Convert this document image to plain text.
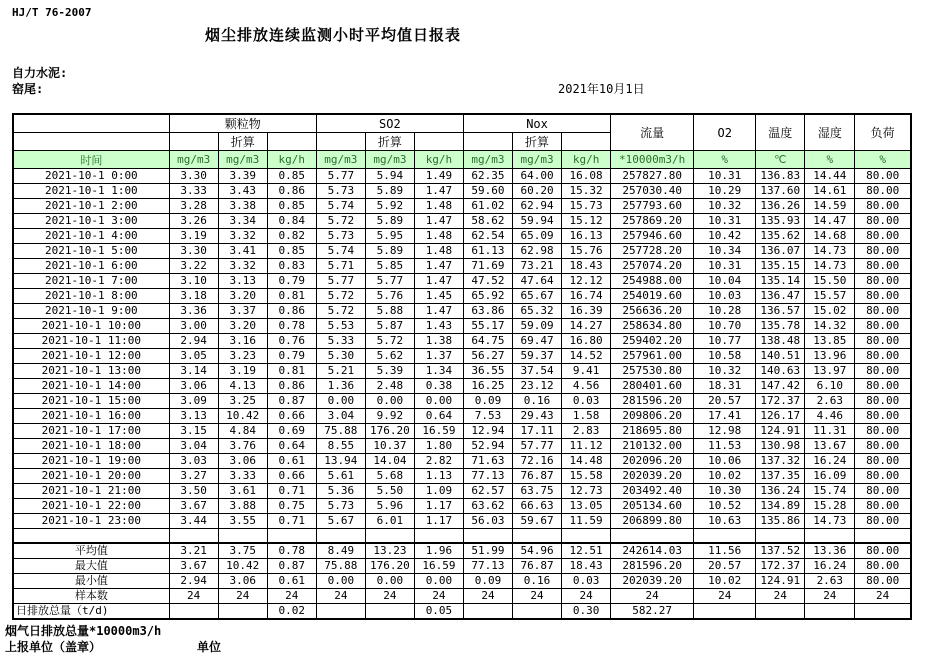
HJ/T 76-2007
烟尘排放连续监测小时平均值日报表
自力水泥:
窑尾:	2021年10月1日
	颗粒物			SO2			Nox			流量	O2	温度	湿度	负荷
		折算			折算			折算						
时间	mg/m3	mg/m3	kg/h	mg/m3	mg/m3	kg/h	mg/m3	mg/m3	kg/h	*10000m3/h	%	℃	%	%
2021-10-1 0:00	3.30	3.39	0.85	5.77	5.94	1.49	62.35	64.00	16.08	257827.80	10.31	136.83	14.44	80.00
2021-10-1 1:00	3.33	3.43	0.86	5.73	5.89	1.47	59.60	60.20	15.32	257030.40	10.29	137.60	14.61	80.00
2021-10-1 2:00	3.28	3.38	0.85	5.74	5.92	1.48	61.02	62.94	15.73	257793.60	10.32	136.26	14.59	80.00
2021-10-1 3:00	3.26	3.34	0.84	5.72	5.89	1.47	58.62	59.94	15.12	257869.20	10.31	135.93	14.47	80.00
2021-10-1 4:00	3.19	3.32	0.82	5.73	5.95	1.48	62.54	65.09	16.13	257946.60	10.42	135.62	14.68	80.00
2021-10-1 5:00	3.30	3.41	0.85	5.74	5.89	1.48	61.13	62.98	15.76	257728.20	10.34	136.07	14.73	80.00
2021-10-1 6:00	3.22	3.32	0.83	5.71	5.85	1.47	71.69	73.21	18.43	257074.20	10.31	135.15	14.73	80.00
2021-10-1 7:00	3.10	3.13	0.79	5.77	5.77	1.47	47.52	47.64	12.12	254988.00	10.04	135.14	15.50	80.00
2021-10-1 8:00	3.18	3.20	0.81	5.72	5.76	1.45	65.92	65.67	16.74	254019.60	10.03	136.47	15.57	80.00
2021-10-1 9:00	3.36	3.37	0.86	5.72	5.88	1.47	63.86	65.32	16.39	256636.20	10.28	136.57	15.02	80.00
2021-10-1 10:00	3.00	3.20	0.78	5.53	5.87	1.43	55.17	59.09	14.27	258634.80	10.70	135.78	14.32	80.00
2021-10-1 11:00	2.94	3.16	0.76	5.33	5.72	1.38	64.75	69.47	16.80	259402.20	10.77	138.48	13.85	80.00
2021-10-1 12:00	3.05	3.23	0.79	5.30	5.62	1.37	56.27	59.37	14.52	257961.00	10.58	140.51	13.96	80.00
2021-10-1 13:00	3.14	3.19	0.81	5.21	5.39	1.34	36.55	37.54	9.41	257530.80	10.32	140.63	13.97	80.00
2021-10-1 14:00	3.06	4.13	0.86	1.36	2.48	0.38	16.25	23.12	4.56	280401.60	18.31	147.42	6.10	80.00
2021-10-1 15:00	3.09	3.25	0.87	0.00	0.00	0.00	0.09	0.16	0.03	281596.20	20.57	172.37	2.63	80.00
2021-10-1 16:00	3.13	10.42	0.66	3.04	9.92	0.64	7.53	29.43	1.58	209806.20	17.41	126.17	4.46	80.00
2021-10-1 17:00	3.15	4.84	0.69	75.88	176.20	16.59	12.94	17.11	2.83	218695.80	12.98	124.91	11.31	80.00
2021-10-1 18:00	3.04	3.76	0.64	8.55	10.37	1.80	52.94	57.77	11.12	210132.00	11.53	130.98	13.67	80.00
2021-10-1 19:00	3.03	3.06	0.61	13.94	14.04	2.82	71.63	72.16	14.48	202096.20	10.06	137.32	16.24	80.00
2021-10-1 20:00	3.27	3.33	0.66	5.61	5.68	1.13	77.13	76.87	15.58	202039.20	10.02	137.35	16.09	80.00
2021-10-1 21:00	3.50	3.61	0.71	5.36	5.50	1.09	62.57	63.75	12.73	203492.40	10.30	136.24	15.74	80.00
2021-10-1 22:00	3.67	3.88	0.75	5.73	5.96	1.17	63.62	66.63	13.05	205134.60	10.52	134.89	15.28	80.00
2021-10-1 23:00	3.44	3.55	0.71	5.67	6.01	1.17	56.03	59.67	11.59	206899.80	10.63	135.86	14.73	80.00

平均值	3.21	3.75	0.78	8.49	13.23	1.96	51.99	54.96	12.51	242614.03	11.56	137.52	13.36	80.00
最大值	3.67	10.42	0.87	75.88	176.20	16.59	77.13	76.87	18.43	281596.20	20.57	172.37	16.24	80.00
最小值	2.94	3.06	0.61	0.00	0.00	0.00	0.09	0.16	0.03	202039.20	10.02	124.91	2.63	80.00
样本数	24	24	24	24	24	24	24	24	24	24	24	24	24	24
日排放总量（t/d)			0.02			0.05			0.30	582.27				
烟气日排放总量*10000m3/h
上报单位（盖章）	单位
